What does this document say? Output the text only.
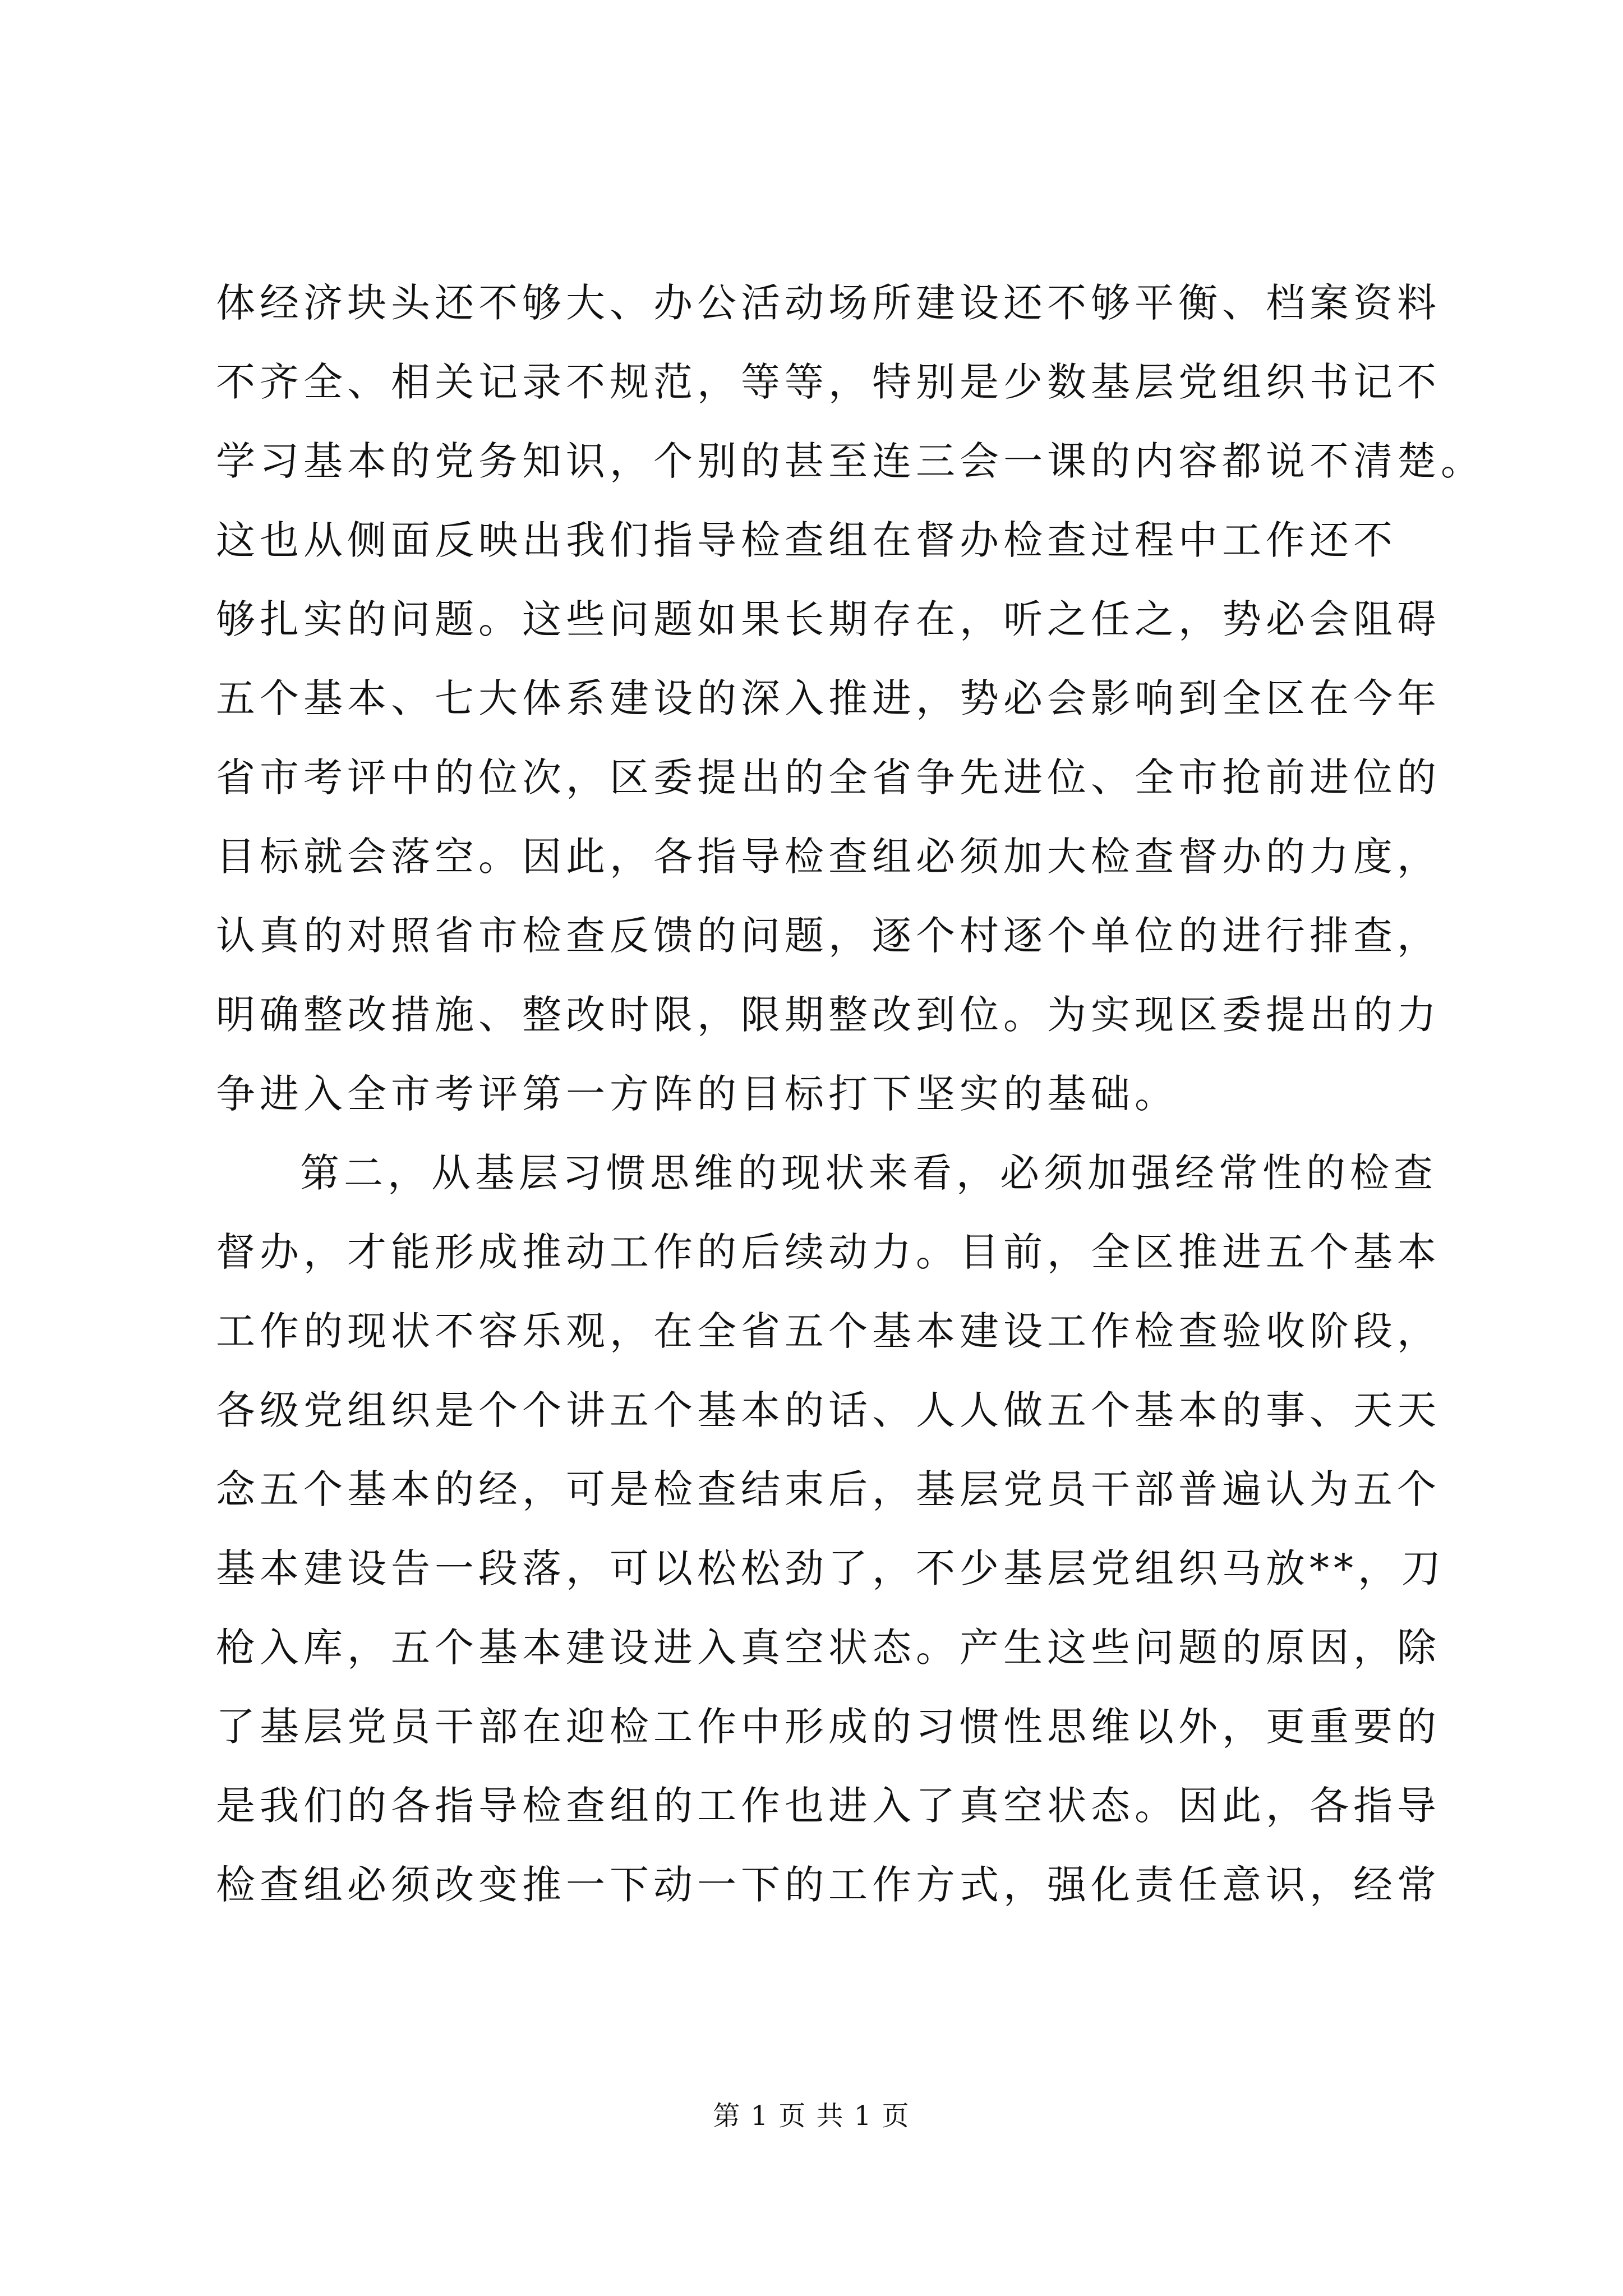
体经济块头还不够大、办公活动场所建设还不够平衡、档案资料
不齐全、相关记录不规范，等等，特别是少数基层党组织书记不
学习基本的党务知识，个别的甚至连三会一课的内容都说不清楚。
这也从侧面反映出我们指导检查组在督办检查过程中工作还不
够扎实的问题。这些问题如果长期存在，听之任之，势必会阻碍
五个基本、七大体系建设的深入推进，势必会影响到全区在今年
省市考评中的位次，区委提出的全省争先进位、全市抢前进位的
目标就会落空。因此，各指导检查组必须加大检查督办的力度，
认真的对照省市检查反馈的问题，逐个村逐个单位的进行排查，
明确整改措施、整改时限，限期整改到位。为实现区委提出的力
争进入全市考评第一方阵的目标打下坚实的基础。
第二，从基层习惯思维的现状来看，必须加强经常性的检查
督办，才能形成推动工作的后续动力。目前，全区推进五个基本
工作的现状不容乐观，在全省五个基本建设工作检查验收阶段，
各级党组织是个个讲五个基本的话、人人做五个基本的事、天天
念五个基本的经，可是检查结束后，基层党员干部普遍认为五个
基本建设告一段落，可以松松劲了，不少基层党组织马放**，刀
枪入库，五个基本建设进入真空状态。产生这些问题的原因，除
了基层党员干部在迎检工作中形成的习惯性思维以外，更重要的
是我们的各指导检查组的工作也进入了真空状态。因此，各指导
检查组必须改变推一下动一下的工作方式，强化责任意识，经常
第 1 页 共 1 页
